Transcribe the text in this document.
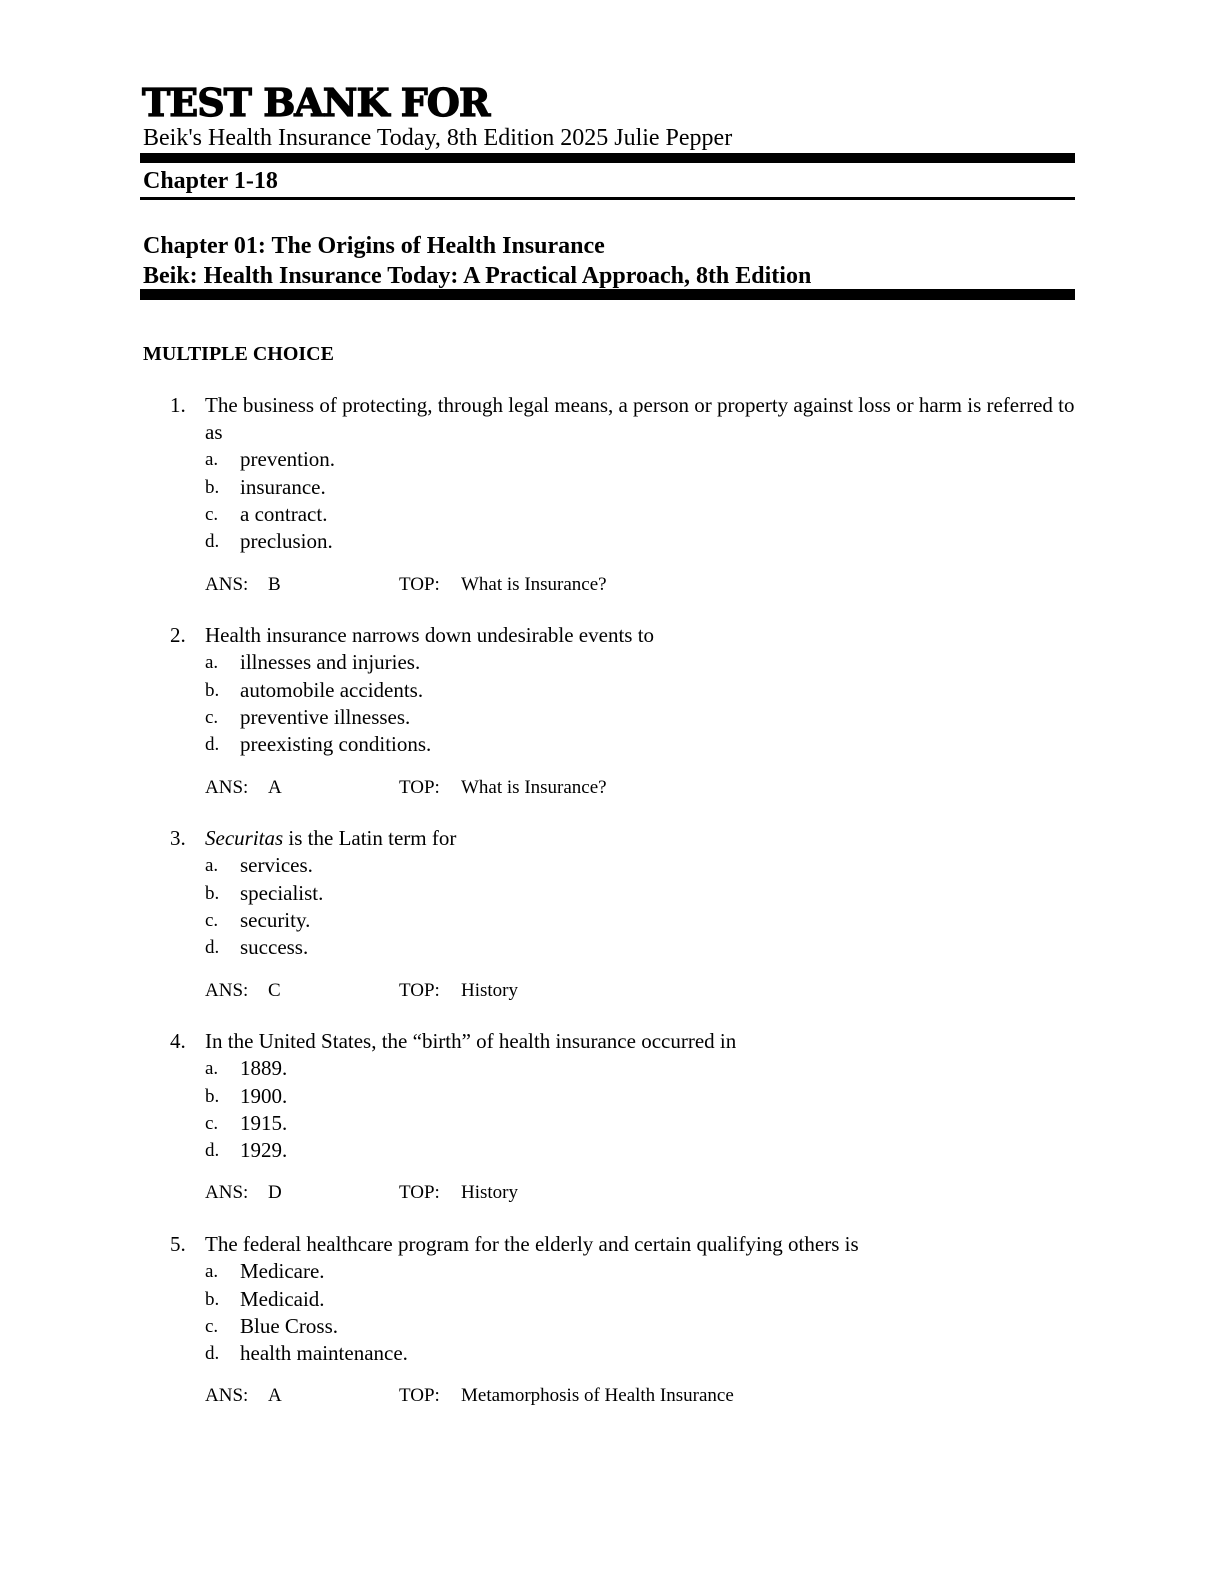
TEST BANK FOR
Beik's Health Insurance Today, 8th Edition 2025 Julie Pepper
Chapter 1-18
Chapter 01: The Origins of Health Insurance
Beik: Health Insurance Today: A Practical Approach, 8th Edition
MULTIPLE CHOICE
1. The business of protecting, through legal means, a person or property against loss or harm is referred to as
a. prevention.
b. insurance.
c. a contract.
d. preclusion.
ANS: B	TOP: What is Insurance?
2. Health insurance narrows down undesirable events to
a. illnesses and injuries.
b. automobile accidents.
c. preventive illnesses.
d. preexisting conditions.
ANS: A	TOP: What is Insurance?
3. Securitas is the Latin term for
a. services.
b. specialist.
c. security.
d. success.
ANS: C	TOP: History
4. In the United States, the “birth” of health insurance occurred in
a. 1889.
b. 1900.
c. 1915.
d. 1929.
ANS: D	TOP: History
5. The federal healthcare program for the elderly and certain qualifying others is
a. Medicare.
b. Medicaid.
c. Blue Cross.
d. health maintenance.
ANS: A	TOP: Metamorphosis of Health Insurance
